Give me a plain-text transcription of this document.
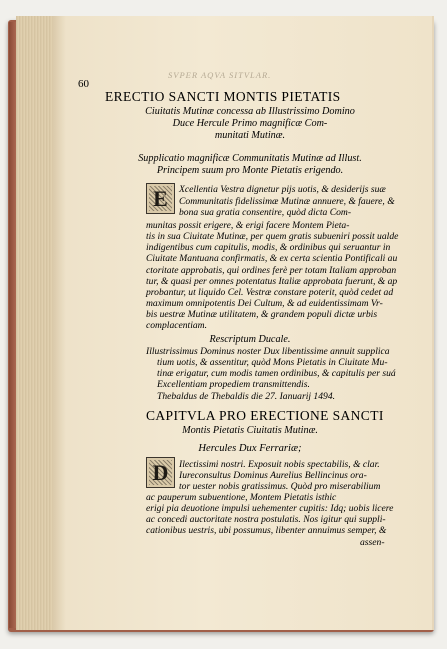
60
SVPER AQVA SITVLAR.
ERECTIO SANCTI MONTIS PIETATIS
Ciuitatis Mutinæ concessa ab Illustrissimo Domino
Duce Hercule Primo magnificæ Com-
munitati Mutinæ.
Supplicatio magnificæ Communitatis Mutinæ ad Illust.
Principem suum pro Monte Pietatis erigendo.
E	Xcellentia Vestra dignetur pijs uotis, & desiderijs suæ
Communitatis fidelissimæ Mutinæ annuere, & fauere, & bona sua gratia consentire, quòd dicta Com-
munitas possit erigere, & erigi facere Montem Pieta-
tis in sua Ciuitate Mutinæ, per quem gratis subueniri possit ualde
indigentibus cum capitulis, modis, & ordinibus qui seruantur in
Ciuitate Mantuana confirmatis, & ex certa scientia Pontificali au
ctoritate approbatis, qui ordines ferè per totam Italiam approban
tur, & quasi per omnes potentatus Italiæ approbata fuerunt, & ap
probantur, ut liquido Cel. Vestræ constare poterit, quòd cedet ad
maximum omnipotentis Dei Cultum, & ad euidentissimam Vr-
bis uestræ Mutinæ utilitatem, & grandem populi dictæ urbis
complacentiam.
Rescriptum Ducale.
Illustrissimus Dominus noster Dux libentissime annuit supplica
tium uotis, & assentitur, quòd Mons Pietatis in Ciuitate Mu-
tinæ erigatur, cum modis tamen ordinibus, & capitulis per suá
Excellentiam propediem transmittendis.
Thebaldus de Thebaldis die 27. Ianuarij 1494.
CAPITVLA PRO ERECTIONE SANCTI
Montis Pietatis Ciuitatis Mutinæ.
Hercules Dux Ferrariæ;
D	Ilectissimi nostri. Exposuit nobis spectabilis, & clar.
Iureconsultus Dominus Aurelius Bellincinus ora-
tor uester nobis gratissimus. Quòd pro miserabilium
ac pauperum subuentione, Montem Pietatis isthic
erigi pia deuotione impulsi uehementer cupitis: Idq; uobis licere
ac concedi auctoritate nostra postulatis. Nos igitur qui suppli-
cationibus uestris, ubi possumus, libenter annuimus semper, &
assen-
